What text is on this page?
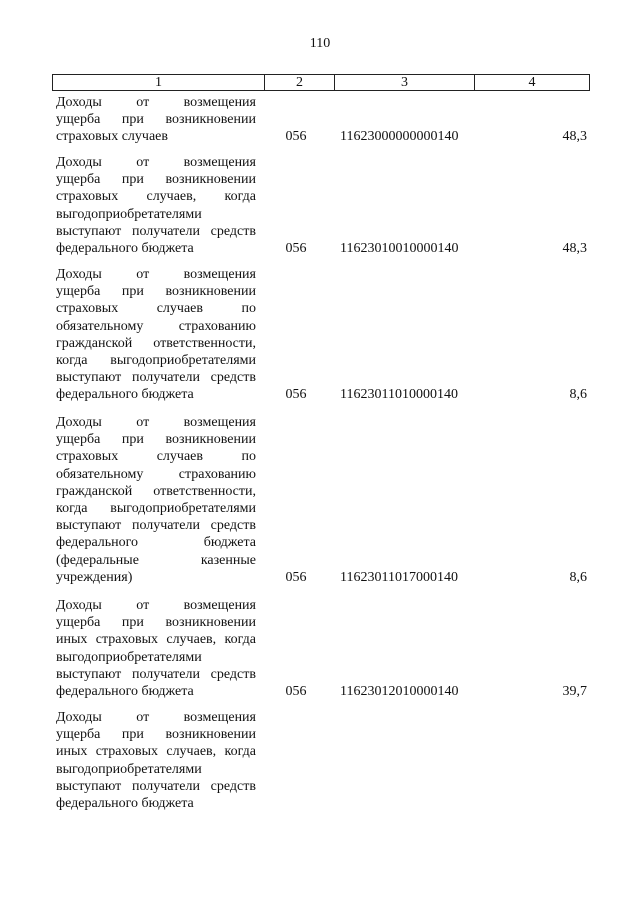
110
1	2	3	4
Доходы от возмещения
ущерба при возникновении
страховых случаев	056 11623000000000140	48,3
Доходы от возмещения
ущерба при возникновении
страховых случаев, когда
выгодоприобретателями
выступают получатели средств
федерального бюджета	056 11623010010000140	48,3
Доходы от возмещения
ущерба при возникновении
страховых случаев по
обязательному страхованию
гражданской ответственности,
когда выгодоприобретателями
выступают получатели средств
федерального бюджета	056 11623011010000140	8,6
Доходы от возмещения
ущерба при возникновении
страховых случаев по
обязательному страхованию
гражданской ответственности,
когда выгодоприобретателями
выступают получатели средств
федерального бюджета
(федеральные казенные
учреждения)	056 11623011017000140	8,6
Доходы от возмещения
ущерба при возникновении
иных страховых случаев, когда
выгодоприобретателями
выступают получатели средств
федерального бюджета	056 11623012010000140	39,7
Доходы от возмещения
ущерба при возникновении
иных страховых случаев, когда
выгодоприобретателями
выступают получатели средств
федерального бюджета
